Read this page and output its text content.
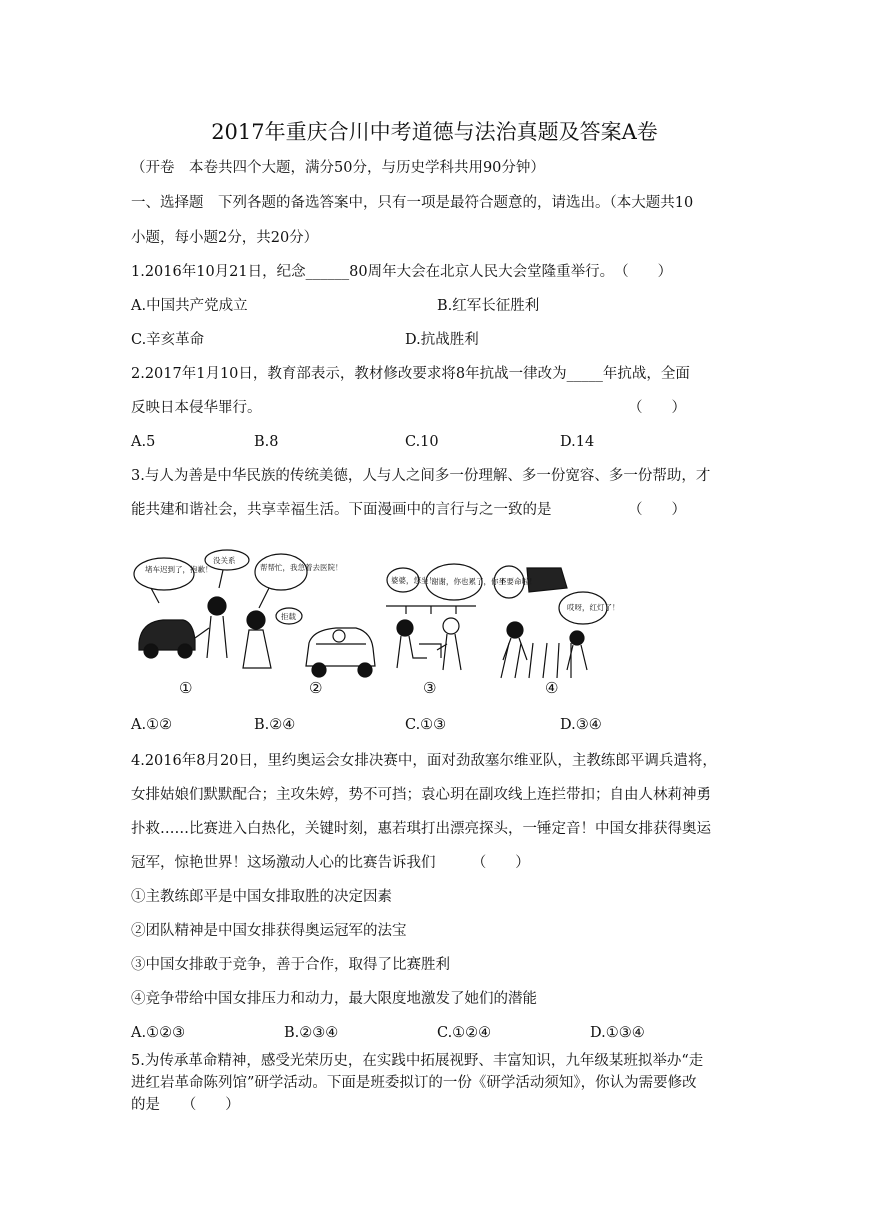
2017年重庆合川中考道德与法治真题及答案A卷
（开卷　本卷共四个大题，满分50分，与历史学科共用90分钟）
一、选择题　下列各题的备选答案中，只有一项是最符合题意的，请选出。（本大题共10
小题，每小题2分，共20分）
1.2016年10月21日，纪念______80周年大会在北京人民大会堂隆重举行。　（　　）
A.中国共产党成立	B.红军长征胜利
C.辛亥革命	D.抗战胜利
2.2017年1月10日，教育部表示，教材修改要求将8年抗战一律改为_____年抗战，全面
反映日本侵华罪行。	（　　）
A.5	B.8	C.10	D.14
3.与人为善是中华民族的传统美德，人与人之间多一份理解、多一份宽容、多一份帮助，才
能共建和谐社会，共享幸福生活。下面漫画中的言行与之一致的是	（　　）
堵车迟到了，抱歉！
没关系
帮帮忙，我急着去医院！
拒载
婆婆，您坐！
谢谢，你也累了，你坐
不要命啦！
哎呀，红灯了！
①	②	③	④
A.①②	B.②④	C.①③	D.③④
4.2016年8月20日，里约奥运会女排决赛中，面对劲敌塞尔维亚队，主教练郎平调兵遣将，
女排姑娘们默默配合；主攻朱婷，势不可挡；袁心玥在副攻线上连拦带扣；自由人林莉神勇
扑救……比赛进入白热化，关键时刻，惠若琪打出漂亮探头，一锤定音！中国女排获得奥运
冠军，惊艳世界！这场激动人心的比赛告诉我们　　　（　　）
①主教练郎平是中国女排取胜的决定因素
②团队精神是中国女排获得奥运冠军的法宝
③中国女排敢于竞争，善于合作，取得了比赛胜利
④竞争带给中国女排压力和动力，最大限度地激发了她们的潜能
A.①②③	B.②③④	C.①②④	D.①③④
5.为传承革命精神，感受光荣历史，在实践中拓展视野、丰富知识，九年级某班拟举办“走
进红岩革命陈列馆”研学活动。下面是班委拟订的一份《研学活动须知》，你认为需要修改
的是　　（　　）
